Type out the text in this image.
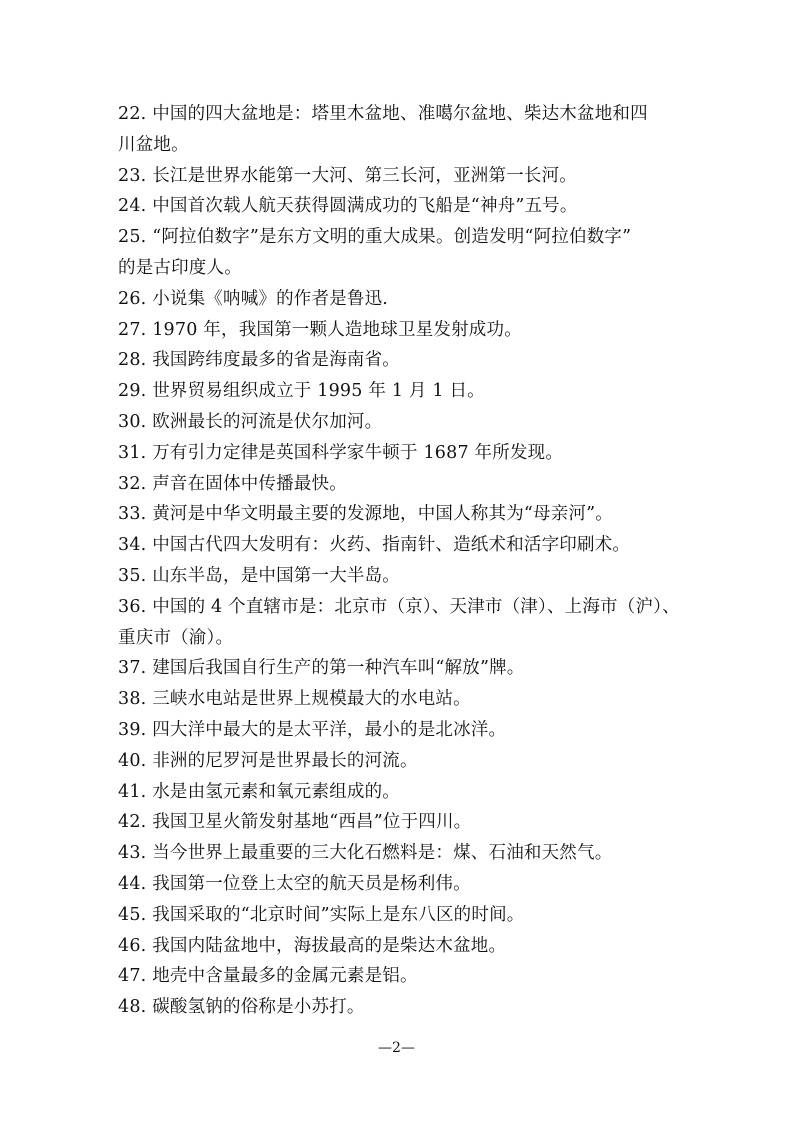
22. 中国的四大盆地是：塔里木盆地、准噶尔盆地、柴达木盆地和四
川盆地。
23. 长江是世界水能第一大河、第三长河，亚洲第一长河。
24. 中国首次载人航天获得圆满成功的飞船是“神舟”五号。
25. “阿拉伯数字”是东方文明的重大成果。创造发明“阿拉伯数字”
的是古印度人。
26. 小说集《呐喊》的作者是鲁迅.
27. 1970 年，我国第一颗人造地球卫星发射成功。
28. 我国跨纬度最多的省是海南省。
29. 世界贸易组织成立于 1995 年 1 月 1 日。
30. 欧洲最长的河流是伏尔加河。
31. 万有引力定律是英国科学家牛顿于 1687 年所发现。
32. 声音在固体中传播最快。
33. 黄河是中华文明最主要的发源地，中国人称其为“母亲河”。
34. 中国古代四大发明有：火药、指南针、造纸术和活字印刷术。
35. 山东半岛，是中国第一大半岛。
36. 中国的 4 个直辖市是：北京市（京）、天津市（津）、上海市（沪）、
重庆市（渝）。
37. 建国后我国自行生产的第一种汽车叫“解放”牌。
38. 三峡水电站是世界上规模最大的水电站。
39. 四大洋中最大的是太平洋，最小的是北冰洋。
40. 非洲的尼罗河是世界最长的河流。
41. 水是由氢元素和氧元素组成的。
42. 我国卫星火箭发射基地“西昌”位于四川。
43. 当今世界上最重要的三大化石燃料是：煤、石油和天然气。
44. 我国第一位登上太空的航天员是杨利伟。
45. 我国采取的“北京时间”实际上是东八区的时间。
46. 我国内陆盆地中，海拔最高的是柴达木盆地。
47. 地壳中含量最多的金属元素是铝。
48. 碳酸氢钠的俗称是小苏打。
—2—
